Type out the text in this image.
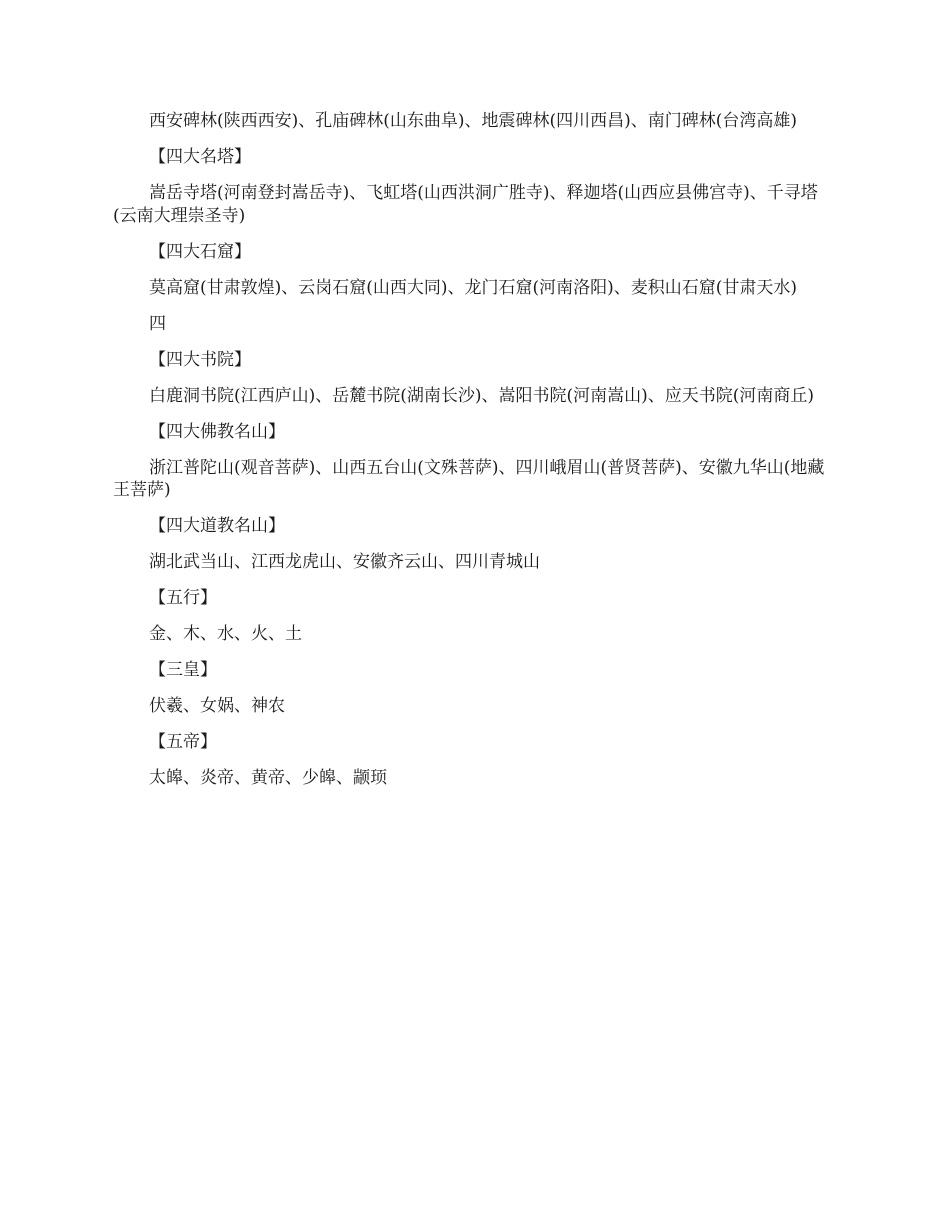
西安碑林(陕西西安)、孔庙碑林(山东曲阜)、地震碑林(四川西昌)、南门碑林(台湾高雄)

【四大名塔】

嵩岳寺塔(河南登封嵩岳寺)、飞虹塔(山西洪洞广胜寺)、释迦塔(山西应县佛宫寺)、千寻塔(云南大理崇圣寺)

【四大石窟】

莫高窟(甘肃敦煌)、云岗石窟(山西大同)、龙门石窟(河南洛阳)、麦积山石窟(甘肃天水)

四

【四大书院】

白鹿洞书院(江西庐山)、岳麓书院(湖南长沙)、嵩阳书院(河南嵩山)、应天书院(河南商丘)

【四大佛教名山】

浙江普陀山(观音菩萨)、山西五台山(文殊菩萨)、四川峨眉山(普贤菩萨)、安徽九华山(地藏王菩萨)

【四大道教名山】

湖北武当山、江西龙虎山、安徽齐云山、四川青城山

【五行】

金、木、水、火、土

【三皇】

伏羲、女娲、神农

【五帝】

太皞、炎帝、黄帝、少皞、颛顼
